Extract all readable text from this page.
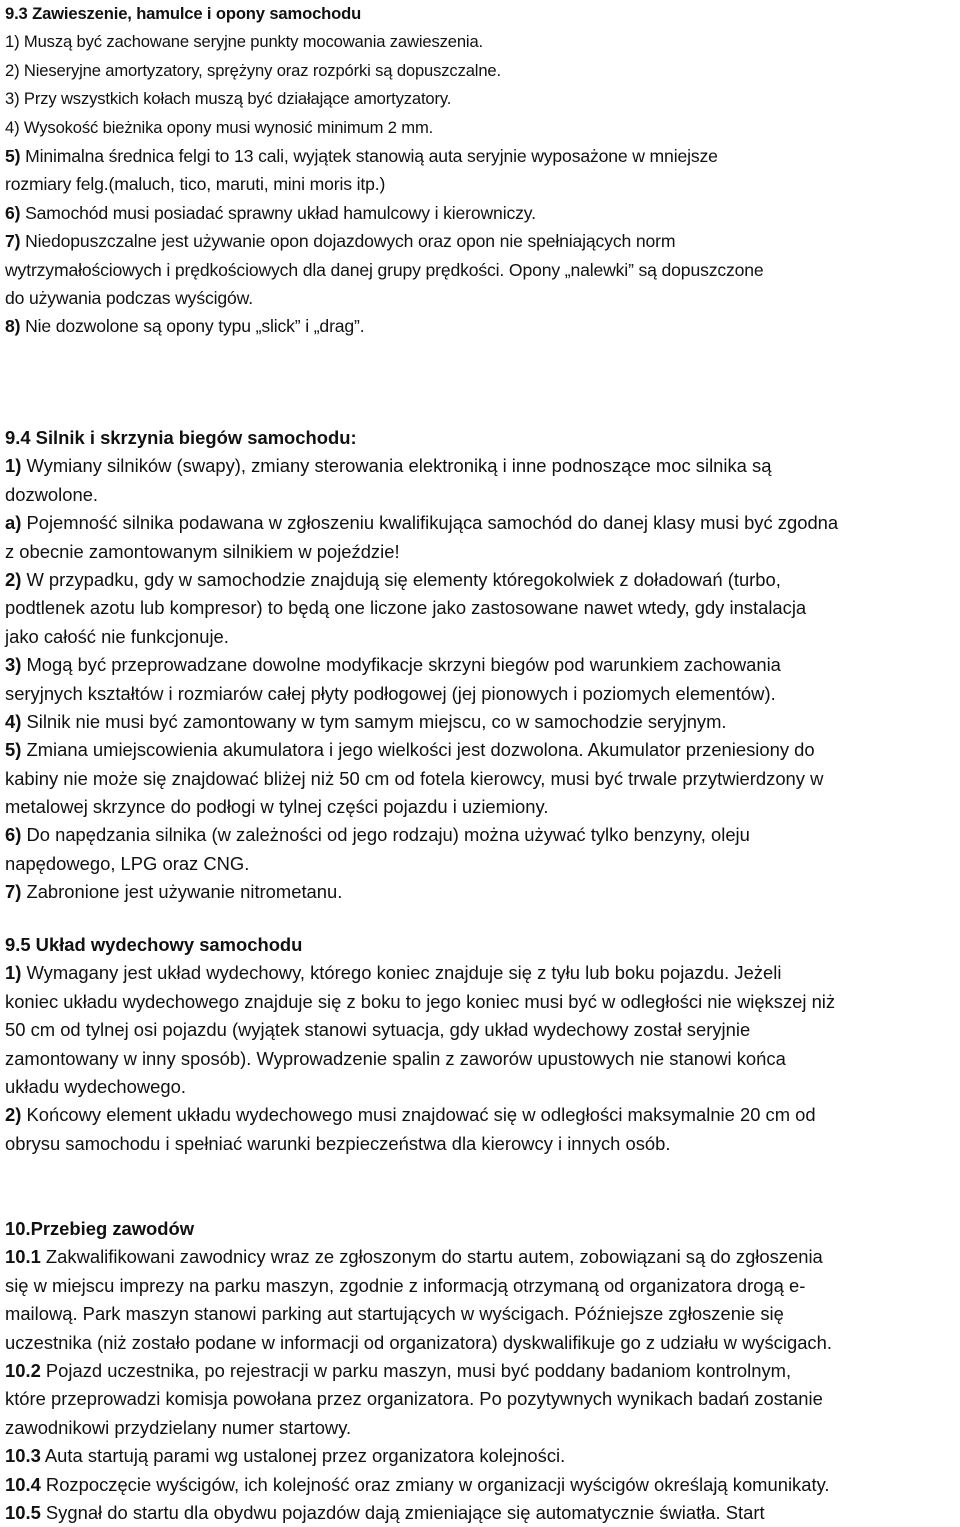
9.3 Zawieszenie, hamulce i opony samochodu
1) Muszą być zachowane seryjne punkty mocowania zawieszenia.
2) Nieseryjne amortyzatory, sprężyny oraz rozpórki są dopuszczalne.
3) Przy wszystkich kołach muszą być działające amortyzatory.
4) Wysokość bieżnika opony musi wynosić minimum 2 mm.
5) Minimalna średnica felgi to 13 cali, wyjątek stanowią auta seryjnie wyposażone w mniejsze
rozmiary felg.(maluch, tico, maruti, mini moris itp.)
6) Samochód musi posiadać sprawny układ hamulcowy i kierowniczy.
7) Niedopuszczalne jest używanie opon dojazdowych oraz opon nie spełniających norm
wytrzymałościowych i prędkościowych dla danej grupy prędkości. Opony „nalewki” są dopuszczone
do używania podczas wyścigów.
8) Nie dozwolone są opony typu „slick” i „drag”.
9.4 Silnik i skrzynia biegów samochodu:
1) Wymiany silników (swapy), zmiany sterowania elektroniką i inne podnoszące moc silnika są
dozwolone.
a) Pojemność silnika podawana w zgłoszeniu kwalifikująca samochód do danej klasy musi być zgodna
z obecnie zamontowanym silnikiem w pojeździe!
2) W przypadku, gdy w samochodzie znajdują się elementy któregokolwiek z doładowań (turbo,
podtlenek azotu lub kompresor) to będą one liczone jako zastosowane nawet wtedy, gdy instalacja
jako całość nie funkcjonuje.
3) Mogą być przeprowadzane dowolne modyfikacje skrzyni biegów pod warunkiem zachowania
seryjnych kształtów i rozmiarów całej płyty podłogowej (jej pionowych i poziomych elementów).
4) Silnik nie musi być zamontowany w tym samym miejscu, co w samochodzie seryjnym.
5) Zmiana umiejscowienia akumulatora i jego wielkości jest dozwolona. Akumulator przeniesiony do
kabiny nie może się znajdować bliżej niż 50 cm od fotela kierowcy, musi być trwale przytwierdzony w
metalowej skrzynce do podłogi w tylnej części pojazdu i uziemiony.
6) Do napędzania silnika (w zależności od jego rodzaju) można używać tylko benzyny, oleju
napędowego, LPG oraz CNG.
7) Zabronione jest używanie nitrometanu.
9.5 Układ wydechowy samochodu
1) Wymagany jest układ wydechowy, którego koniec znajduje się z tyłu lub boku pojazdu. Jeżeli
koniec układu wydechowego znajduje się z boku to jego koniec musi być w odległości nie większej niż
50 cm od tylnej osi pojazdu (wyjątek stanowi sytuacja, gdy układ wydechowy został seryjnie
zamontowany w inny sposób). Wyprowadzenie spalin z zaworów upustowych nie stanowi końca
układu wydechowego.
2) Końcowy element układu wydechowego musi znajdować się w odległości maksymalnie 20 cm od
obrysu samochodu i spełniać warunki bezpieczeństwa dla kierowcy i innych osób.
10.Przebieg zawodów
10.1 Zakwalifikowani zawodnicy wraz ze zgłoszonym do startu autem, zobowiązani są do zgłoszenia
się w miejscu imprezy na parku maszyn, zgodnie z informacją otrzymaną od organizatora drogą e-
mailową. Park maszyn stanowi parking aut startujących w wyścigach. Późniejsze zgłoszenie się
uczestnika (niż zostało podane w informacji od organizatora) dyskwalifikuje go z udziału w wyścigach.
10.2 Pojazd uczestnika, po rejestracji w parku maszyn, musi być poddany badaniom kontrolnym,
które przeprowadzi komisja powołana przez organizatora. Po pozytywnych wynikach badań zostanie
zawodnikowi przydzielany numer startowy.
10.3 Auta startują parami wg ustalonej przez organizatora kolejności.
10.4 Rozpoczęcie wyścigów, ich kolejność oraz zmiany w organizacji wyścigów określają komunikaty.
10.5 Sygnał do startu dla obydwu pojazdów dają zmieniające się automatycznie światła. Start
